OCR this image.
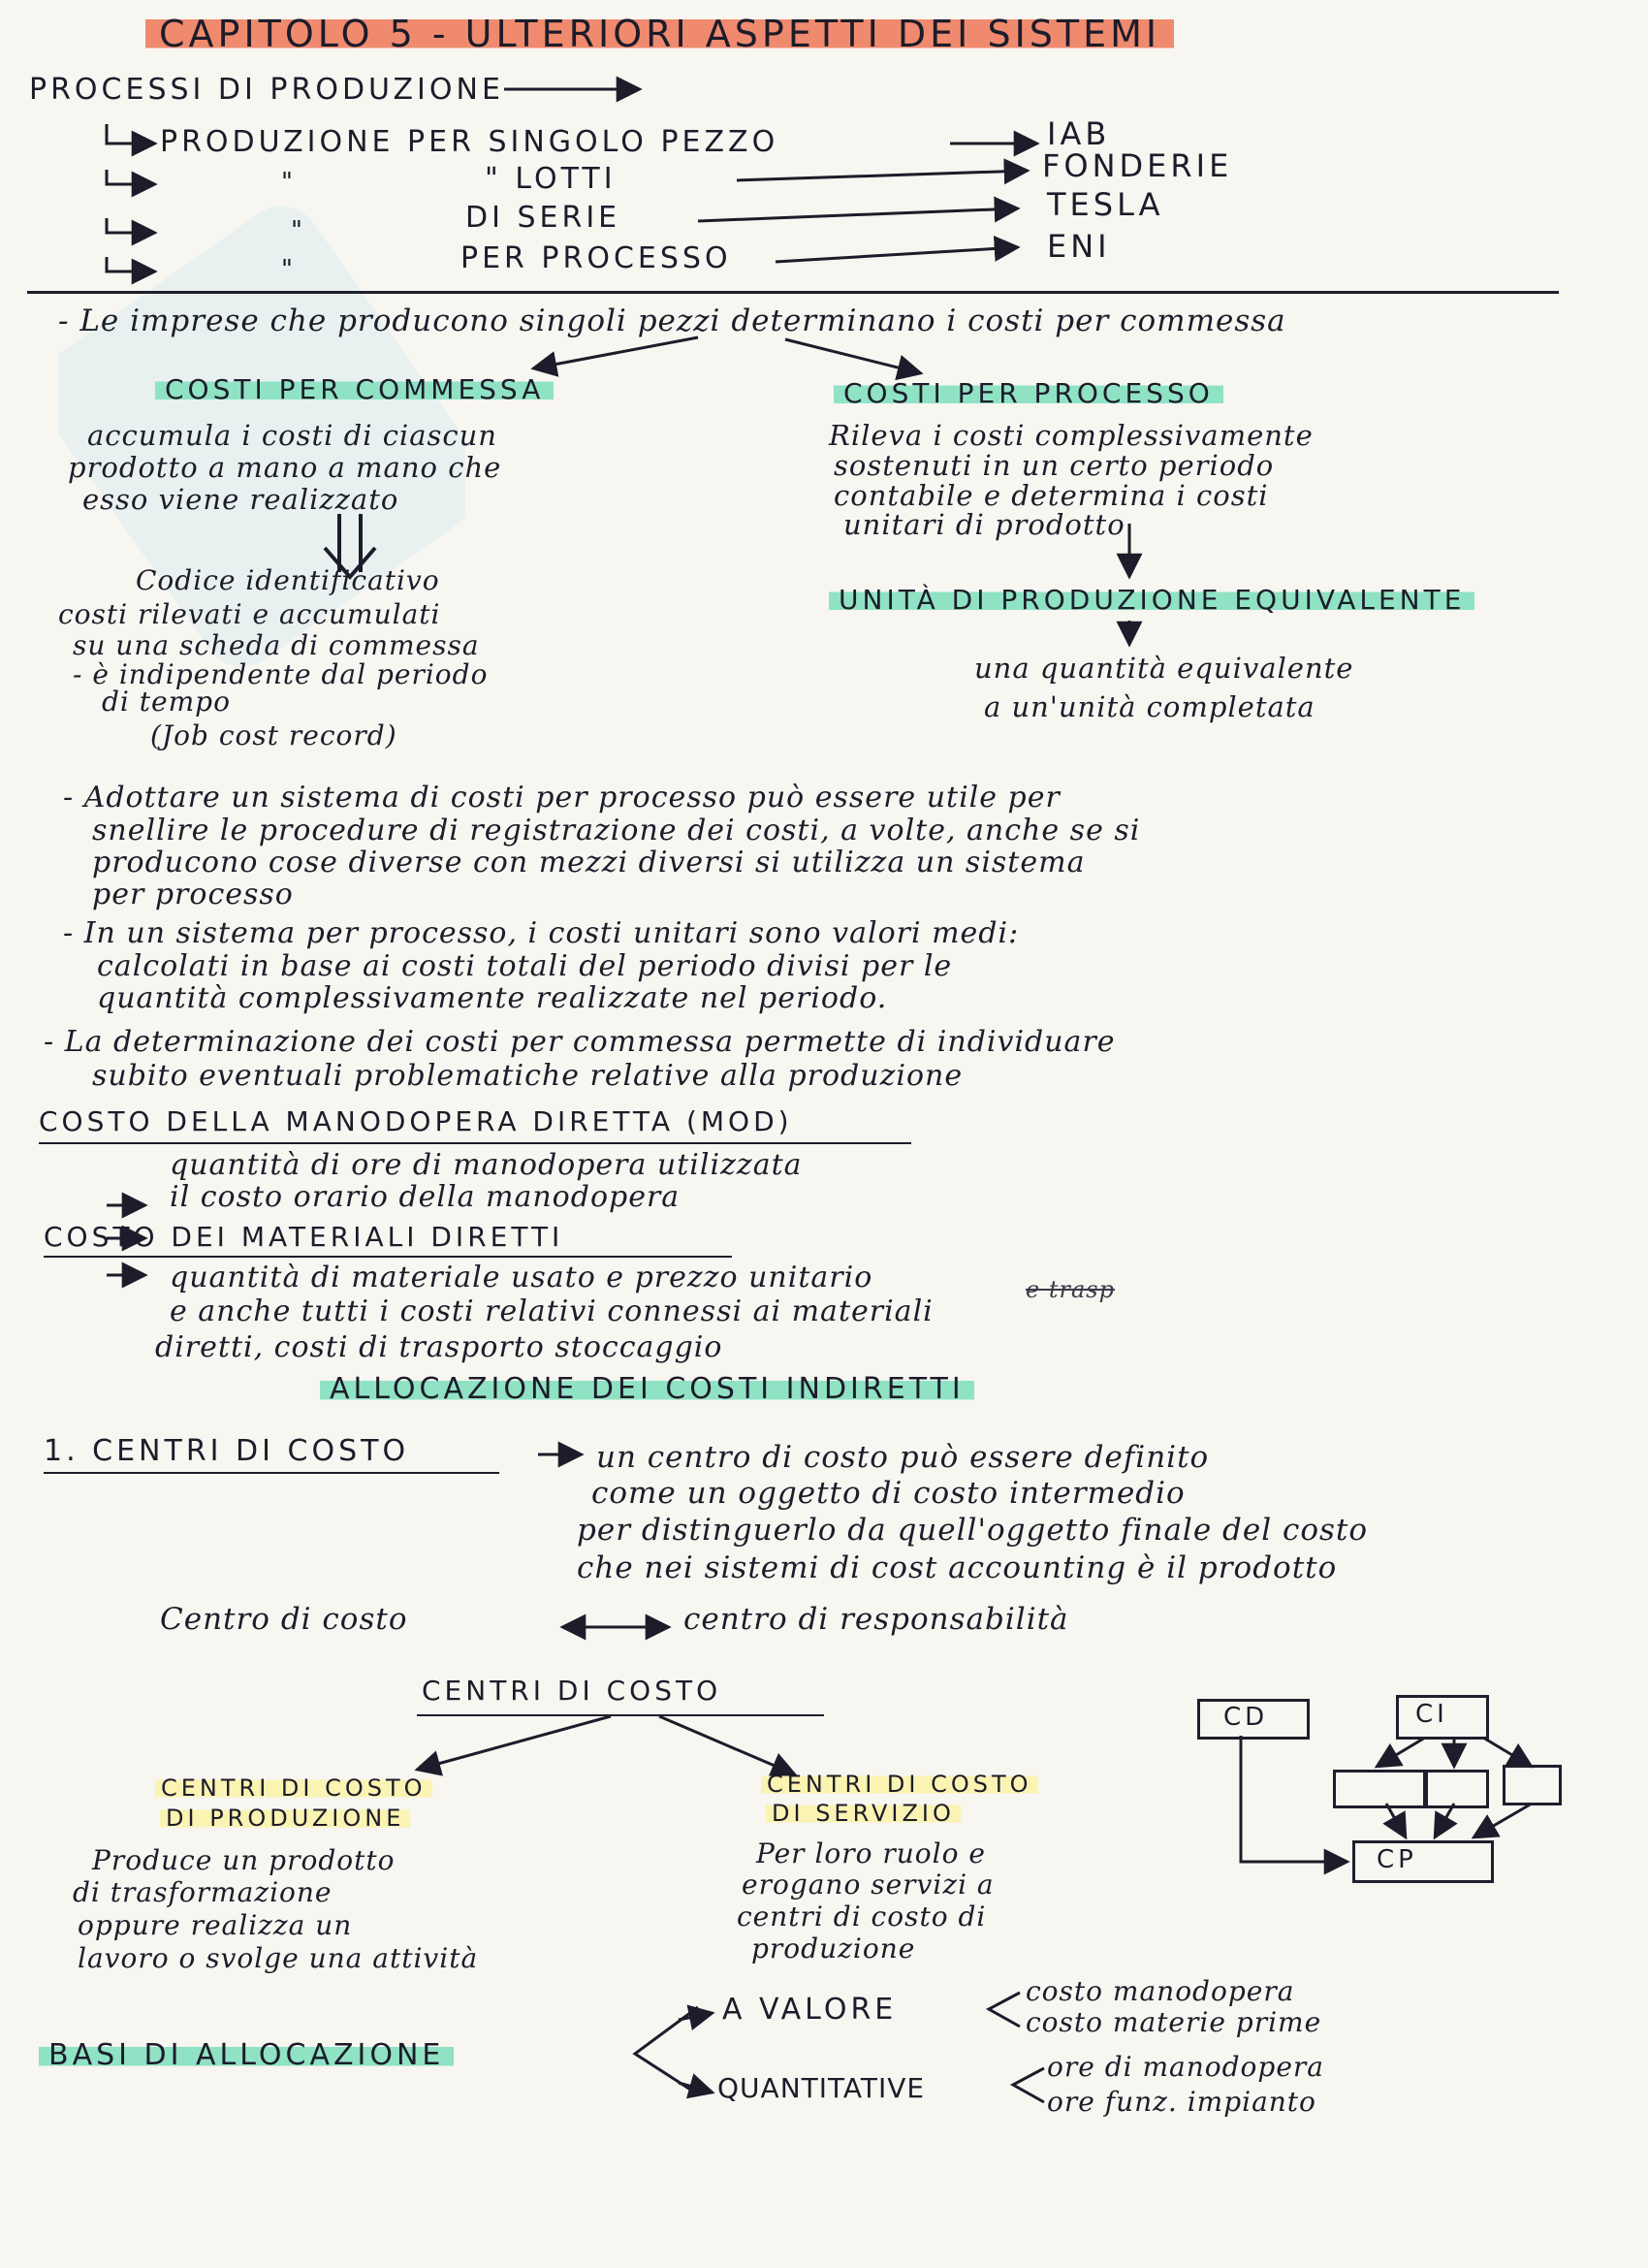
CAPITOLO 5 - ULTERIORI ASPETTI DEI SISTEMI
PROCESSI DI PRODUZIONE
PRODUZIONE PER SINGOLO PEZZO	IAB
"	" LOTTI	FONDERIE
"	DI SERIE	TESLA
"	PER PROCESSO	ENI
- Le imprese che producono singoli pezzi determinano i costi per commessa
COSTI PER COMMESSA
accumula i costi di ciascun
prodotto a mano a mano che
esso viene realizzato
Codice identificativo
costi rilevati e accumulati
su una scheda di commessa
- è indipendente dal periodo
di tempo
(Job cost record)
COSTI PER PROCESSO
Rileva i costi complessivamente
sostenuti in un certo periodo
contabile e determina i costi
unitari di prodotto
UNITÀ DI PRODUZIONE EQUIVALENTE
una quantità equivalente
a un'unità completata
- Adottare un sistema di costi per processo può essere utile per
snellire le procedure di registrazione dei costi, a volte, anche se si
producono cose diverse con mezzi diversi si utilizza un sistema
per processo
- In un sistema per processo, i costi unitari sono valori medi:
calcolati in base ai costi totali del periodo divisi per le
quantità complessivamente realizzate nel periodo.
- La determinazione dei costi per commessa permette di individuare
subito eventuali problematiche relative alla produzione
COSTO DELLA MANODOPERA DIRETTA (MOD)
quantità di ore di manodopera utilizzata
il costo orario della manodopera
COSTO DEI MATERIALI DIRETTI
quantità di materiale usato e prezzo unitario
e anche tutti i costi relativi connessi ai materiali
e trasp
diretti, costi di trasporto stoccaggio
ALLOCAZIONE DEI COSTI INDIRETTI
1. CENTRI DI COSTO	un centro di costo può essere definito
come un oggetto di costo intermedio
per distinguerlo da quell'oggetto finale del costo
che nei sistemi di cost accounting è il prodotto
Centro di costo	centro di responsabilità
CENTRI DI COSTO
CENTRI DI COSTO
DI PRODUZIONE
Produce un prodotto
di trasformazione
oppure realizza un
lavoro o svolge una attività
CENTRI DI COSTO
DI SERVIZIO
Per loro ruolo e
erogano servizi a
centri di costo di
produzione
CD	CI
CP
BASI DI ALLOCAZIONE
A VALORE
costo manodopera
costo materie prime
QUANTITATIVE
ore di manodopera
ore funz. impianto
